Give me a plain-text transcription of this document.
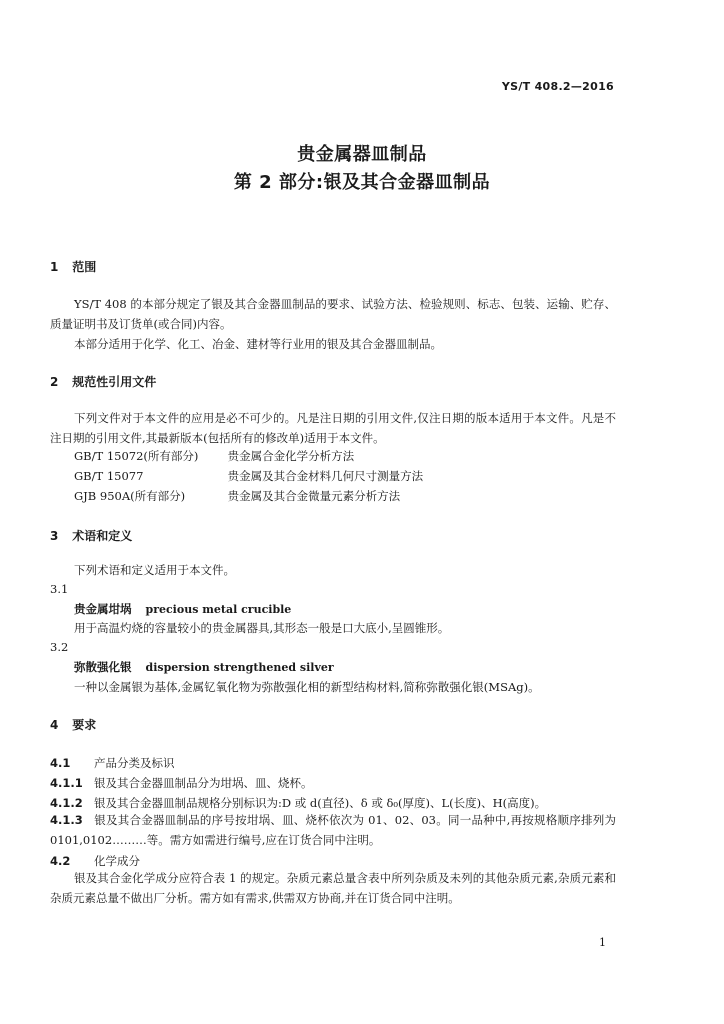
YS/T 408.2—2016
贵金属器皿制品
第 2 部分:银及其合金器皿制品
1 范围
YS/T 408 的本部分规定了银及其合金器皿制品的要求、试验方法、检验规则、标志、包装、运输、贮存、质量证明书及订货单(或合同)内容。
本部分适用于化学、化工、冶金、建材等行业用的银及其合金器皿制品。
2 规范性引用文件
下列文件对于本文件的应用是必不可少的。凡是注日期的引用文件,仅注日期的版本适用于本文件。凡是不注日期的引用文件,其最新版本(包括所有的修改单)适用于本文件。
GB/T 15072(所有部分)	贵金属合金化学分析方法
GB/T 15077	贵金属及其合金材料几何尺寸测量方法
GJB 950A(所有部分)	贵金属及其合金微量元素分析方法
3 术语和定义
下列术语和定义适用于本文件。
3.1
贵金属坩埚 precious metal crucible
用于高温灼烧的容量较小的贵金属器具,其形态一般是口大底小,呈圆锥形。
3.2
弥散强化银 dispersion strengthened silver
一种以金属银为基体,金属钇氧化物为弥散强化相的新型结构材料,简称弥散强化银(MSAg)。
4 要求
4.1 产品分类及标识
4.1.1 银及其合金器皿制品分为坩埚、皿、烧杯。
4.1.2 银及其合金器皿制品规格分别标识为:D 或 d(直径)、δ 或 δ₀(厚度)、L(长度)、H(高度)。
4.1.3 银及其合金器皿制品的序号按坩埚、皿、烧杯依次为 01、02、03。同一品种中,再按规格顺序排列为 0101,0102………等。需方如需进行编号,应在订货合同中注明。
4.2 化学成分
银及其合金化学成分应符合表 1 的规定。杂质元素总量含表中所列杂质及未列的其他杂质元素,杂质元素和杂质元素总量不做出厂分析。需方如有需求,供需双方协商,并在订货合同中注明。
1
